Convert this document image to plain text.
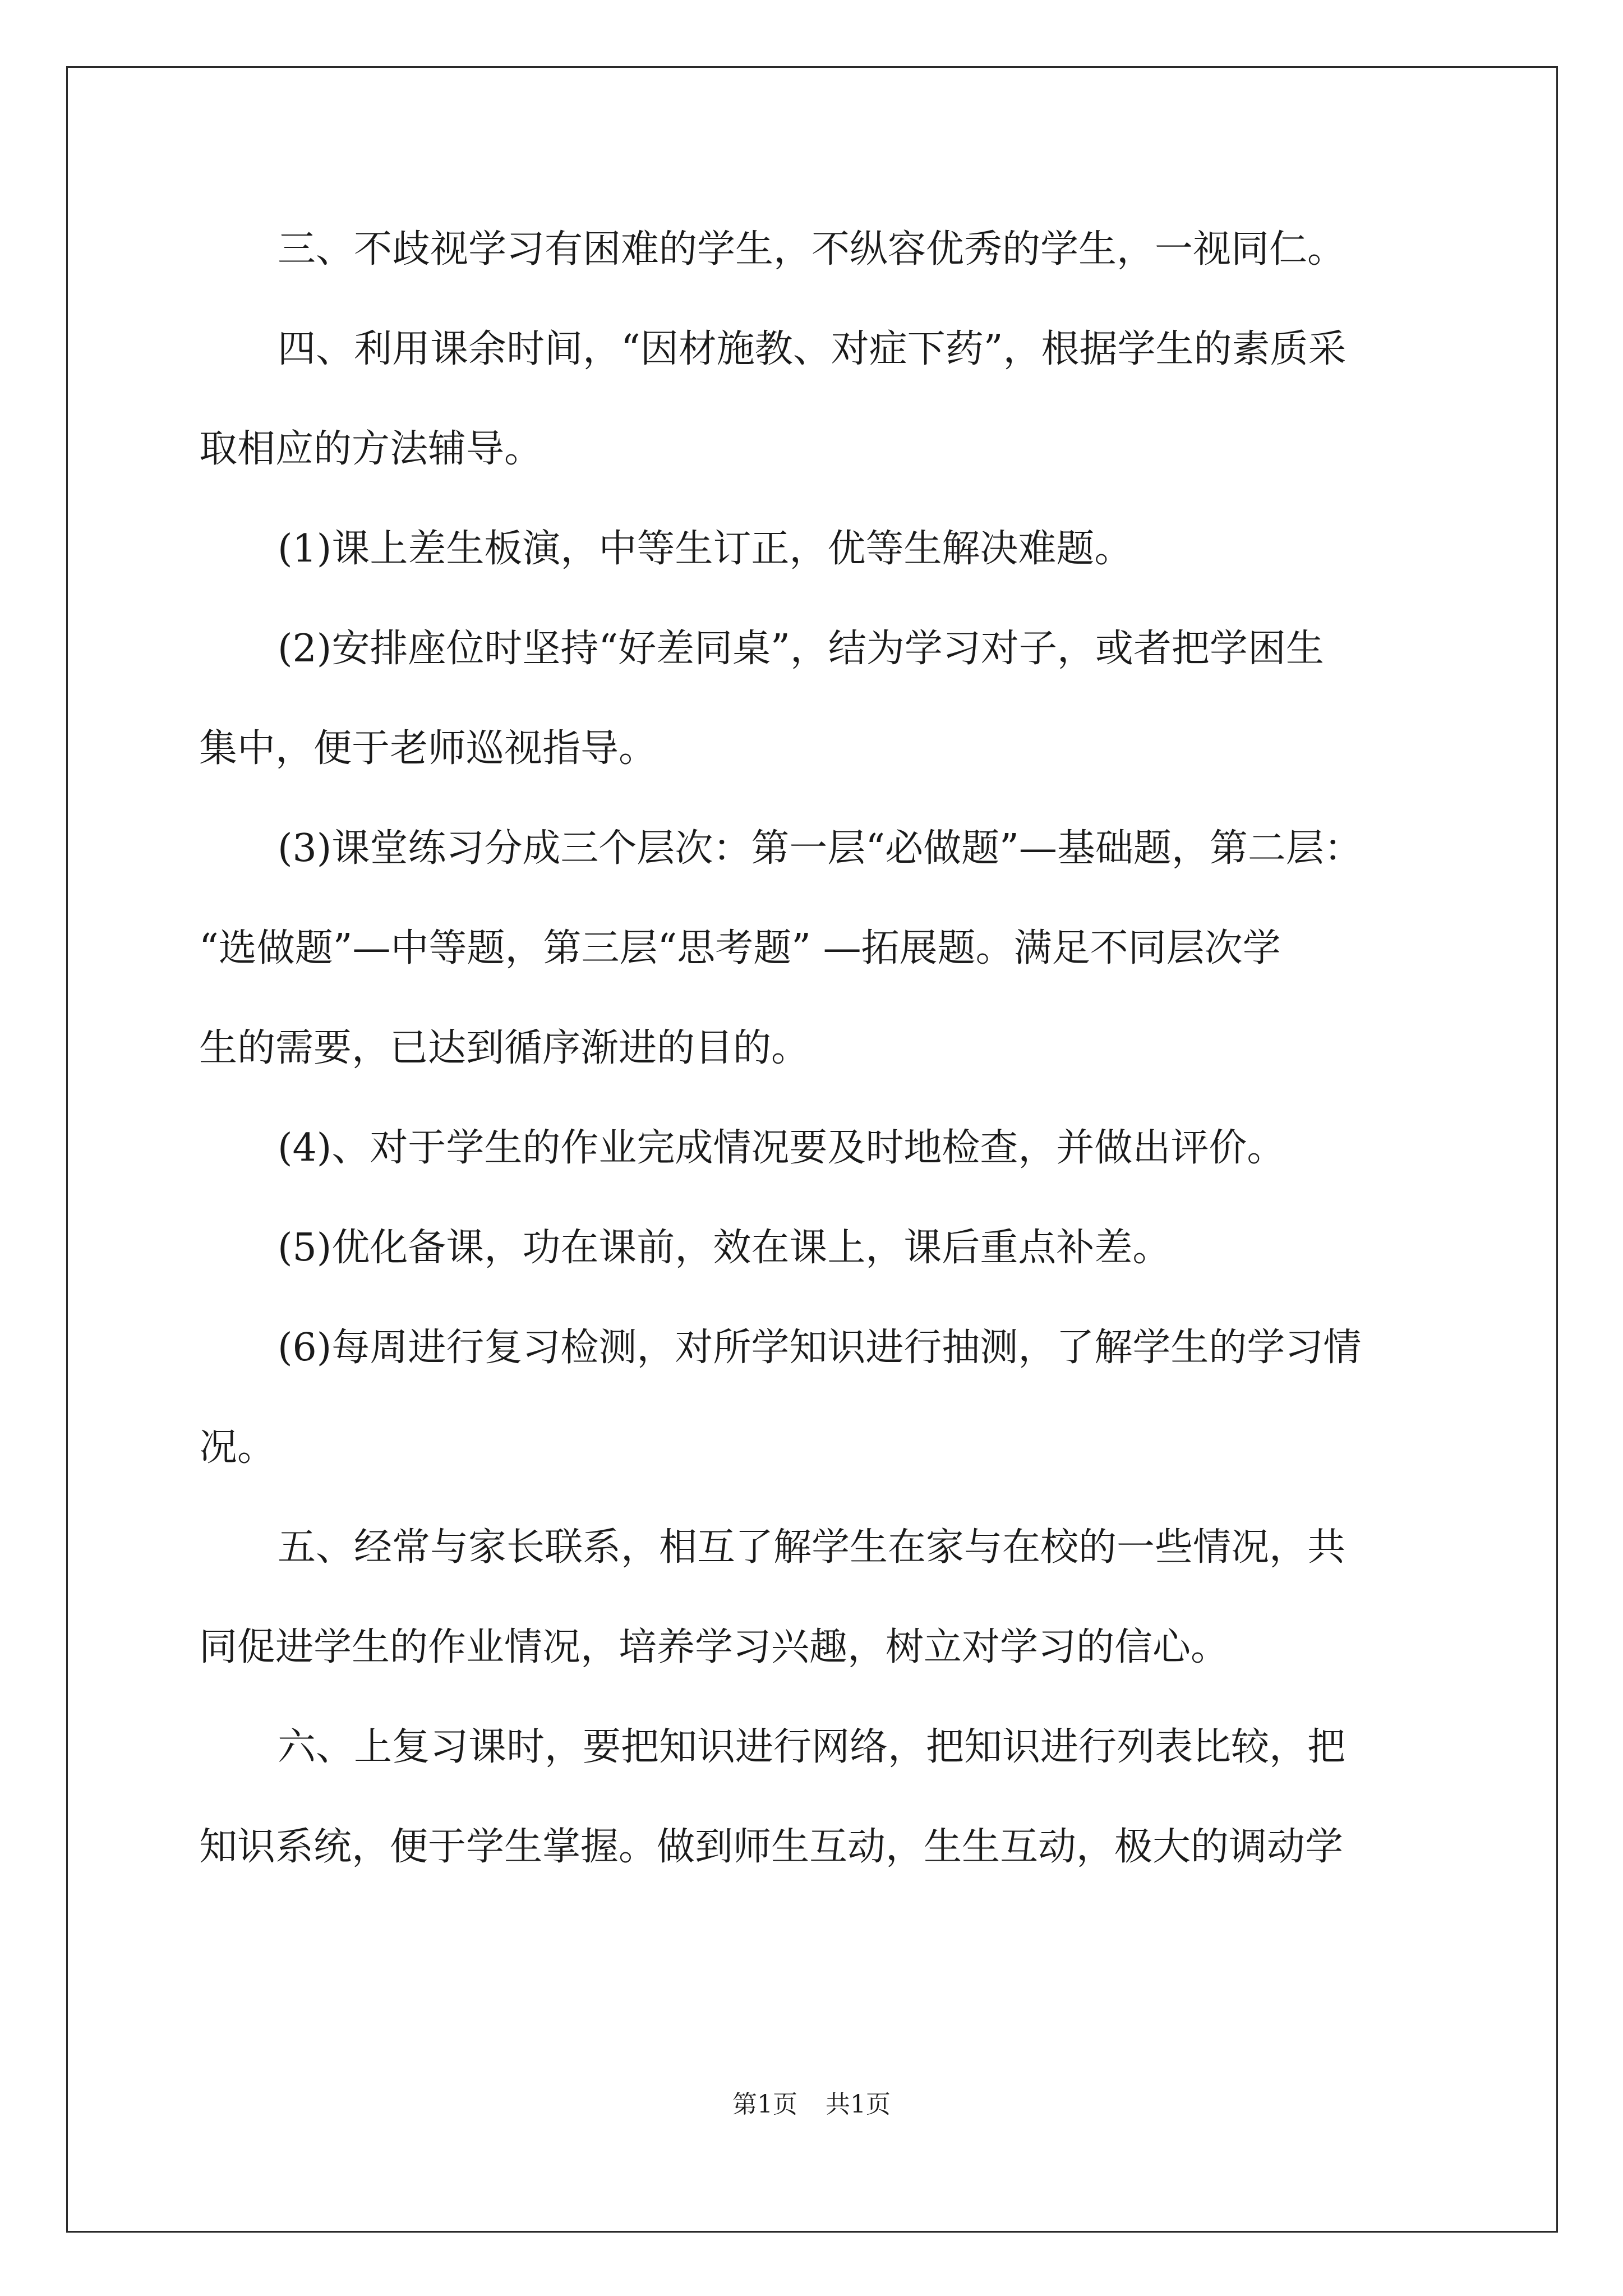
三、不歧视学习有困难的学生，不纵容优秀的学生，一视同仁。
四、利用课余时间，“因材施教、对症下药”，根据学生的素质采
取相应的方法辅导。
(1)课上差生板演，中等生订正，优等生解决难题。
(2)安排座位时坚持“好差同桌”，结为学习对子，或者把学困生
集中，便于老师巡视指导。
(3)课堂练习分成三个层次：第一层“必做题”—基础题，第二层：
“选做题”—中等题，第三层“思考题” —拓展题。满足不同层次学
生的需要，已达到循序渐进的目的。
(4)、对于学生的作业完成情况要及时地检查，并做出评价。
(5)优化备课，功在课前，效在课上，课后重点补差。
(6)每周进行复习检测，对所学知识进行抽测，了解学生的学习情
况。
五、经常与家长联系，相互了解学生在家与在校的一些情况，共
同促进学生的作业情况，培养学习兴趣，树立对学习的信心。
六、上复习课时，要把知识进行网络，把知识进行列表比较，把
知识系统，便于学生掌握。做到师生互动，生生互动，极大的调动学
第1页 共1页
